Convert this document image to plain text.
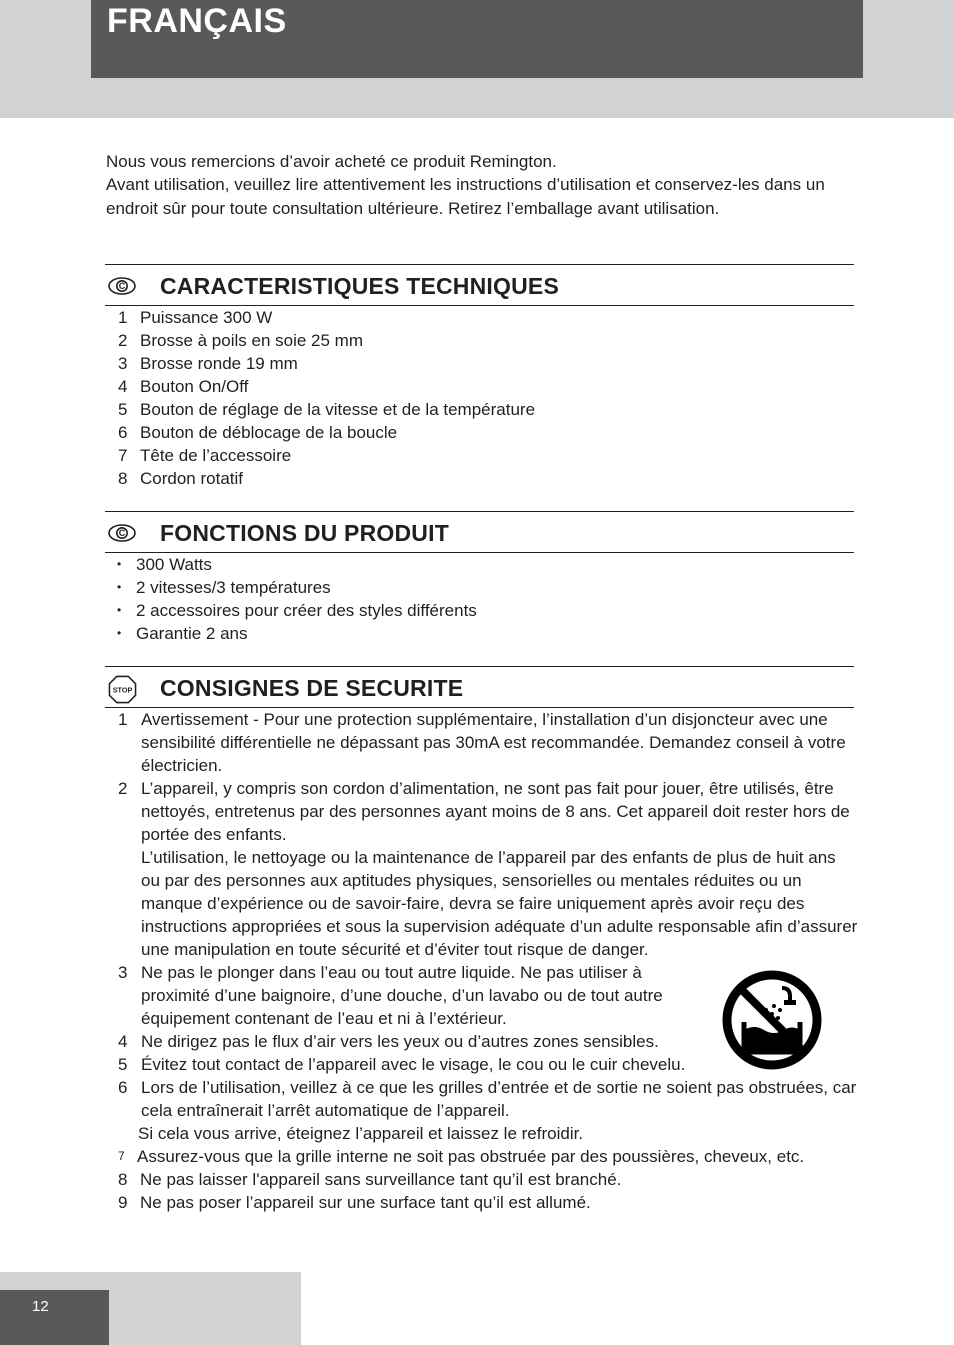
FRANÇAIS

Nous vous remercions d’avoir acheté ce produit Remington.

Avant utilisation, veuillez lire attentivement les instructions d’utilisation et conservez-les dans un endroit sûr pour toute consultation ultérieure. Retirez l’emballage avant utilisation.

C CARACTERISTIQUES TECHNIQUES
1 Puissance 300 W
2 Brosse à poils en soie 25 mm
3 Brosse ronde 19 mm
4 Bouton On/Off
5 Bouton de réglage de la vitesse et de la température
6 Bouton de déblocage de la boucle
7 Tête de l’accessoire
8 Cordon rotatif
C FONCTIONS DU PRODUIT
• 300 Watts
• 2 vitesses/3 températures
• 2 accessoires pour créer des styles différents
• Garantie 2 ans
STOP CONSIGNES DE SECURITE
1 Avertissement - Pour une protection supplémentaire, l’installation d’un disjoncteur avec une sensibilité différentielle ne dépassant pas 30mA est recommandée. Demandez conseil à votre électricien.

2 L’appareil, y compris son cordon d’alimentation, ne sont pas fait pour jouer, être utilisés, être nettoyés, entretenus par des personnes ayant moins de 8 ans. Cet appareil doit rester hors de portée des enfants.

L’utilisation, le nettoyage ou la maintenance de l’appareil par des enfants de plus de huit ans ou par des personnes aux aptitudes physiques, sensorielles ou mentales réduites ou un manque d’expérience ou de savoir-faire, devra se faire uniquement après avoir reçu des instructions appropriées et sous la supervision adéquate d’un adulte responsable afin d’assurer une manipulation en toute sécurité et d’éviter tout risque de danger.

3 Ne pas le plonger dans l’eau ou tout autre liquide. Ne pas utiliser à proximité d’une baignoire, d’une douche, d’un lavabo ou de tout autre équipement contenant de l’eau et ni à l’extérieur.

4 Ne dirigez pas le flux d’air vers les yeux ou d’autres zones sensibles.

5 Évitez tout contact de l’appareil avec le visage, le cou ou le cuir chevelu.

6 Lors de l’utilisation, veillez à ce que les grilles d’entrée et de sortie ne soient pas obstruées, car cela entraînerait l’arrêt automatique de l’appareil.

Si cela vous arrive, éteignez l’appareil et laissez le refroidir.

7 Assurez-vous que la grille interne ne soit pas obstruée par des poussières, cheveux, etc.

8 Ne pas laisser l'appareil sans surveillance tant qu’il est branché.

9 Ne pas poser l’appareil sur une surface tant qu’il est allumé.

12
